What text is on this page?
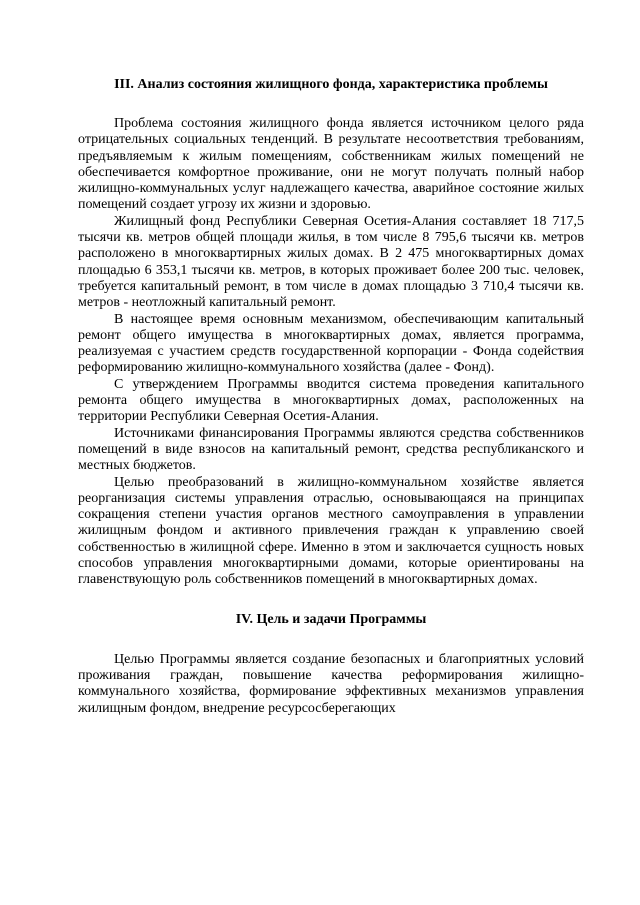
III. Анализ состояния жилищного фонда, характеристика проблемы

Проблема состояния жилищного фонда является источником целого ряда отрицательных социальных тенденций. В результате несоответствия требованиям, предъявляемым к жилым помещениям, собственникам жилых помещений не обеспечивается комфортное проживание, они не могут получать полный набор жилищно-коммунальных услуг надлежащего качества, аварийное состояние жилых помещений создает угрозу их жизни и здоровью.

Жилищный фонд Республики Северная Осетия-Алания составляет 18 717,5 тысячи кв. метров общей площади жилья, в том числе 8 795,6 тысячи кв. метров расположено в многоквартирных жилых домах. В 2 475 многоквартирных домах площадью 6 353,1 тысячи кв. метров, в которых проживает более 200 тыс. человек, требуется капитальный ремонт, в том числе в домах площадью 3 710,4 тысячи кв. метров - неотложный капитальный ремонт.

В настоящее время основным механизмом, обеспечивающим капитальный ремонт общего имущества в многоквартирных домах, является программа, реализуемая с участием средств государственной корпорации - Фонда содействия реформированию жилищно-коммунального хозяйства (далее - Фонд).

С утверждением Программы вводится система проведения капитального ремонта общего имущества в многоквартирных домах, расположенных на территории Республики Северная Осетия-Алания.

Источниками финансирования Программы являются средства собственников помещений в виде взносов на капитальный ремонт, средства республиканского и местных бюджетов.

Целью преобразований в жилищно-коммунальном хозяйстве является реорганизация системы управления отраслью, основывающаяся на принципах сокращения степени участия органов местного самоуправления в управлении жилищным фондом и активного привлечения граждан к управлению своей собственностью в жилищной сфере. Именно в этом и заключается сущность новых способов управления многоквартирными домами, которые ориентированы на главенствующую роль собственников помещений в многоквартирных домах.

IV. Цель и задачи Программы

Целью Программы является создание безопасных и благоприятных условий проживания граждан, повышение качества реформирования жилищно-коммунального хозяйства, формирование эффективных механизмов управления жилищным фондом, внедрение ресурсосберегающих
